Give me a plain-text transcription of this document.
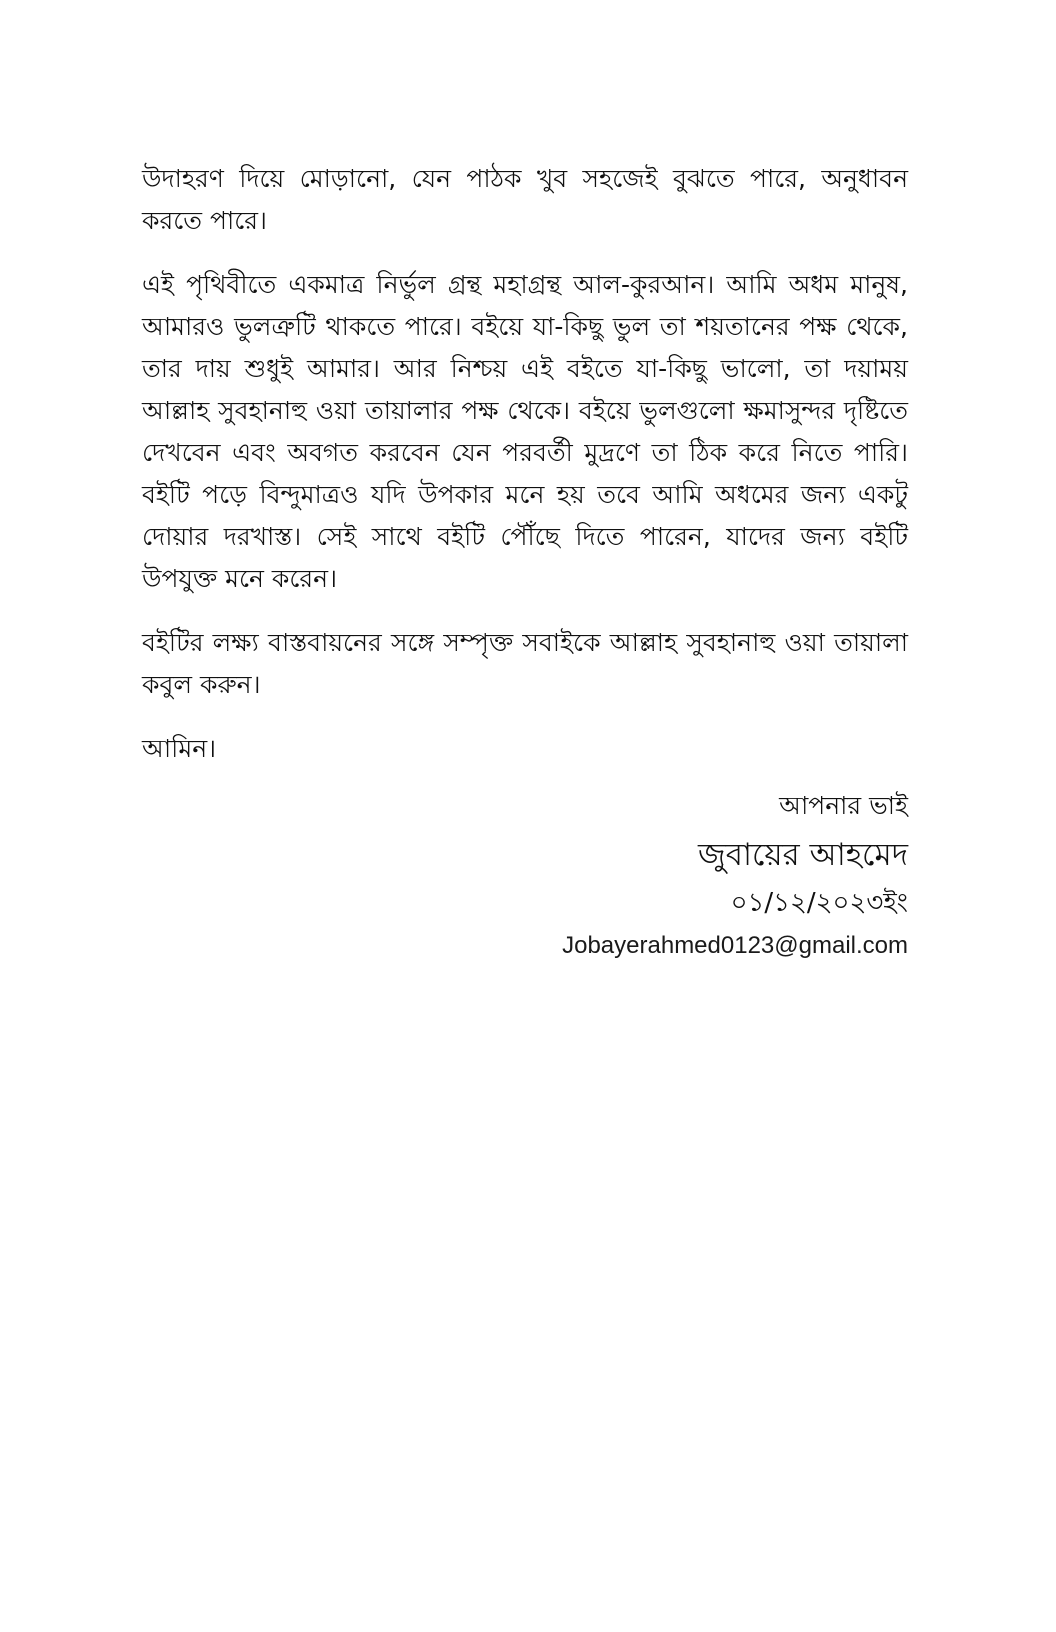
উদাহরণ দিয়ে মোড়ানো, যেন পাঠক খুব সহজেই বুঝতে পারে, অনুধাবন করতে পারে।

এই পৃথিবীতে একমাত্র নির্ভুল গ্রন্থ মহাগ্রন্থ আল-কুরআন। আমি অধম মানুষ, আমারও ভুলত্রুটি থাকতে পারে। বইয়ে যা-কিছু ভুল তা শয়তানের পক্ষ থেকে, তার দায় শুধুই আমার। আর নিশ্চয় এই বইতে যা-কিছু ভালো, তা দয়াময় আল্লাহ সুবহানাহু ওয়া তায়ালার পক্ষ থেকে। বইয়ে ভুলগুলো ক্ষমাসুন্দর দৃষ্টিতে দেখবেন এবং অবগত করবেন যেন পরবর্তী মুদ্রণে তা ঠিক করে নিতে পারি। বইটি পড়ে বিন্দুমাত্রও যদি উপকার মনে হয় তবে আমি অধমের জন্য একটু দোয়ার দরখাস্ত। সেই সাথে বইটি পৌঁছে দিতে পারেন, যাদের জন্য বইটি উপযুক্ত মনে করেন।

বইটির লক্ষ্য বাস্তবায়নের সঙ্গে সম্পৃক্ত সবাইকে আল্লাহ সুবহানাহু ওয়া তায়ালা কবুল করুন।

আমিন।

আপনার ভাই
জুবায়ের আহমেদ
০১/১২/২০২৩ইং
Jobayerahmed0123@gmail.com
